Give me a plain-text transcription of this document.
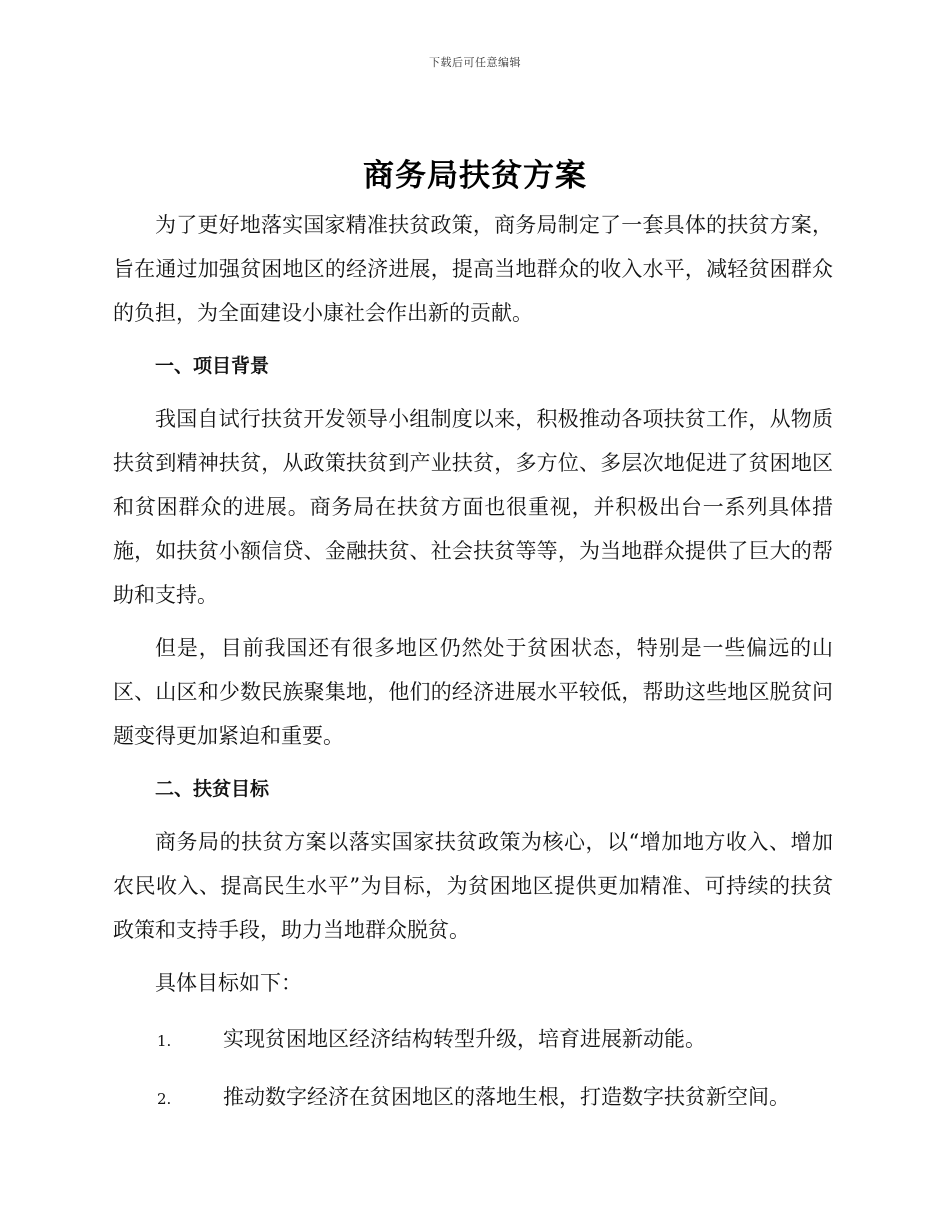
下载后可任意编辑
商务局扶贫方案

为了更好地落实国家精准扶贫政策，商务局制定了一套具体的扶贫方案，旨在通过加强贫困地区的经济进展，提高当地群众的收入水平，减轻贫困群众的负担，为全面建设小康社会作出新的贡献。

一、项目背景

我国自试行扶贫开发领导小组制度以来，积极推动各项扶贫工作，从物质扶贫到精神扶贫，从政策扶贫到产业扶贫，多方位、多层次地促进了贫困地区和贫困群众的进展。商务局在扶贫方面也很重视，并积极出台一系列具体措施，如扶贫小额信贷、金融扶贫、社会扶贫等等，为当地群众提供了巨大的帮助和支持。

但是，目前我国还有很多地区仍然处于贫困状态，特别是一些偏远的山区、山区和少数民族聚集地，他们的经济进展水平较低，帮助这些地区脱贫问题变得更加紧迫和重要。

二、扶贫目标

商务局的扶贫方案以落实国家扶贫政策为核心，以“增加地方收入、增加农民收入、提高民生水平”为目标，为贫困地区提供更加精准、可持续的扶贫政策和支持手段，助力当地群众脱贫。

具体目标如下：

1.	实现贫困地区经济结构转型升级，培育进展新动能。
2.	推动数字经济在贫困地区的落地生根，打造数字扶贫新空间。
